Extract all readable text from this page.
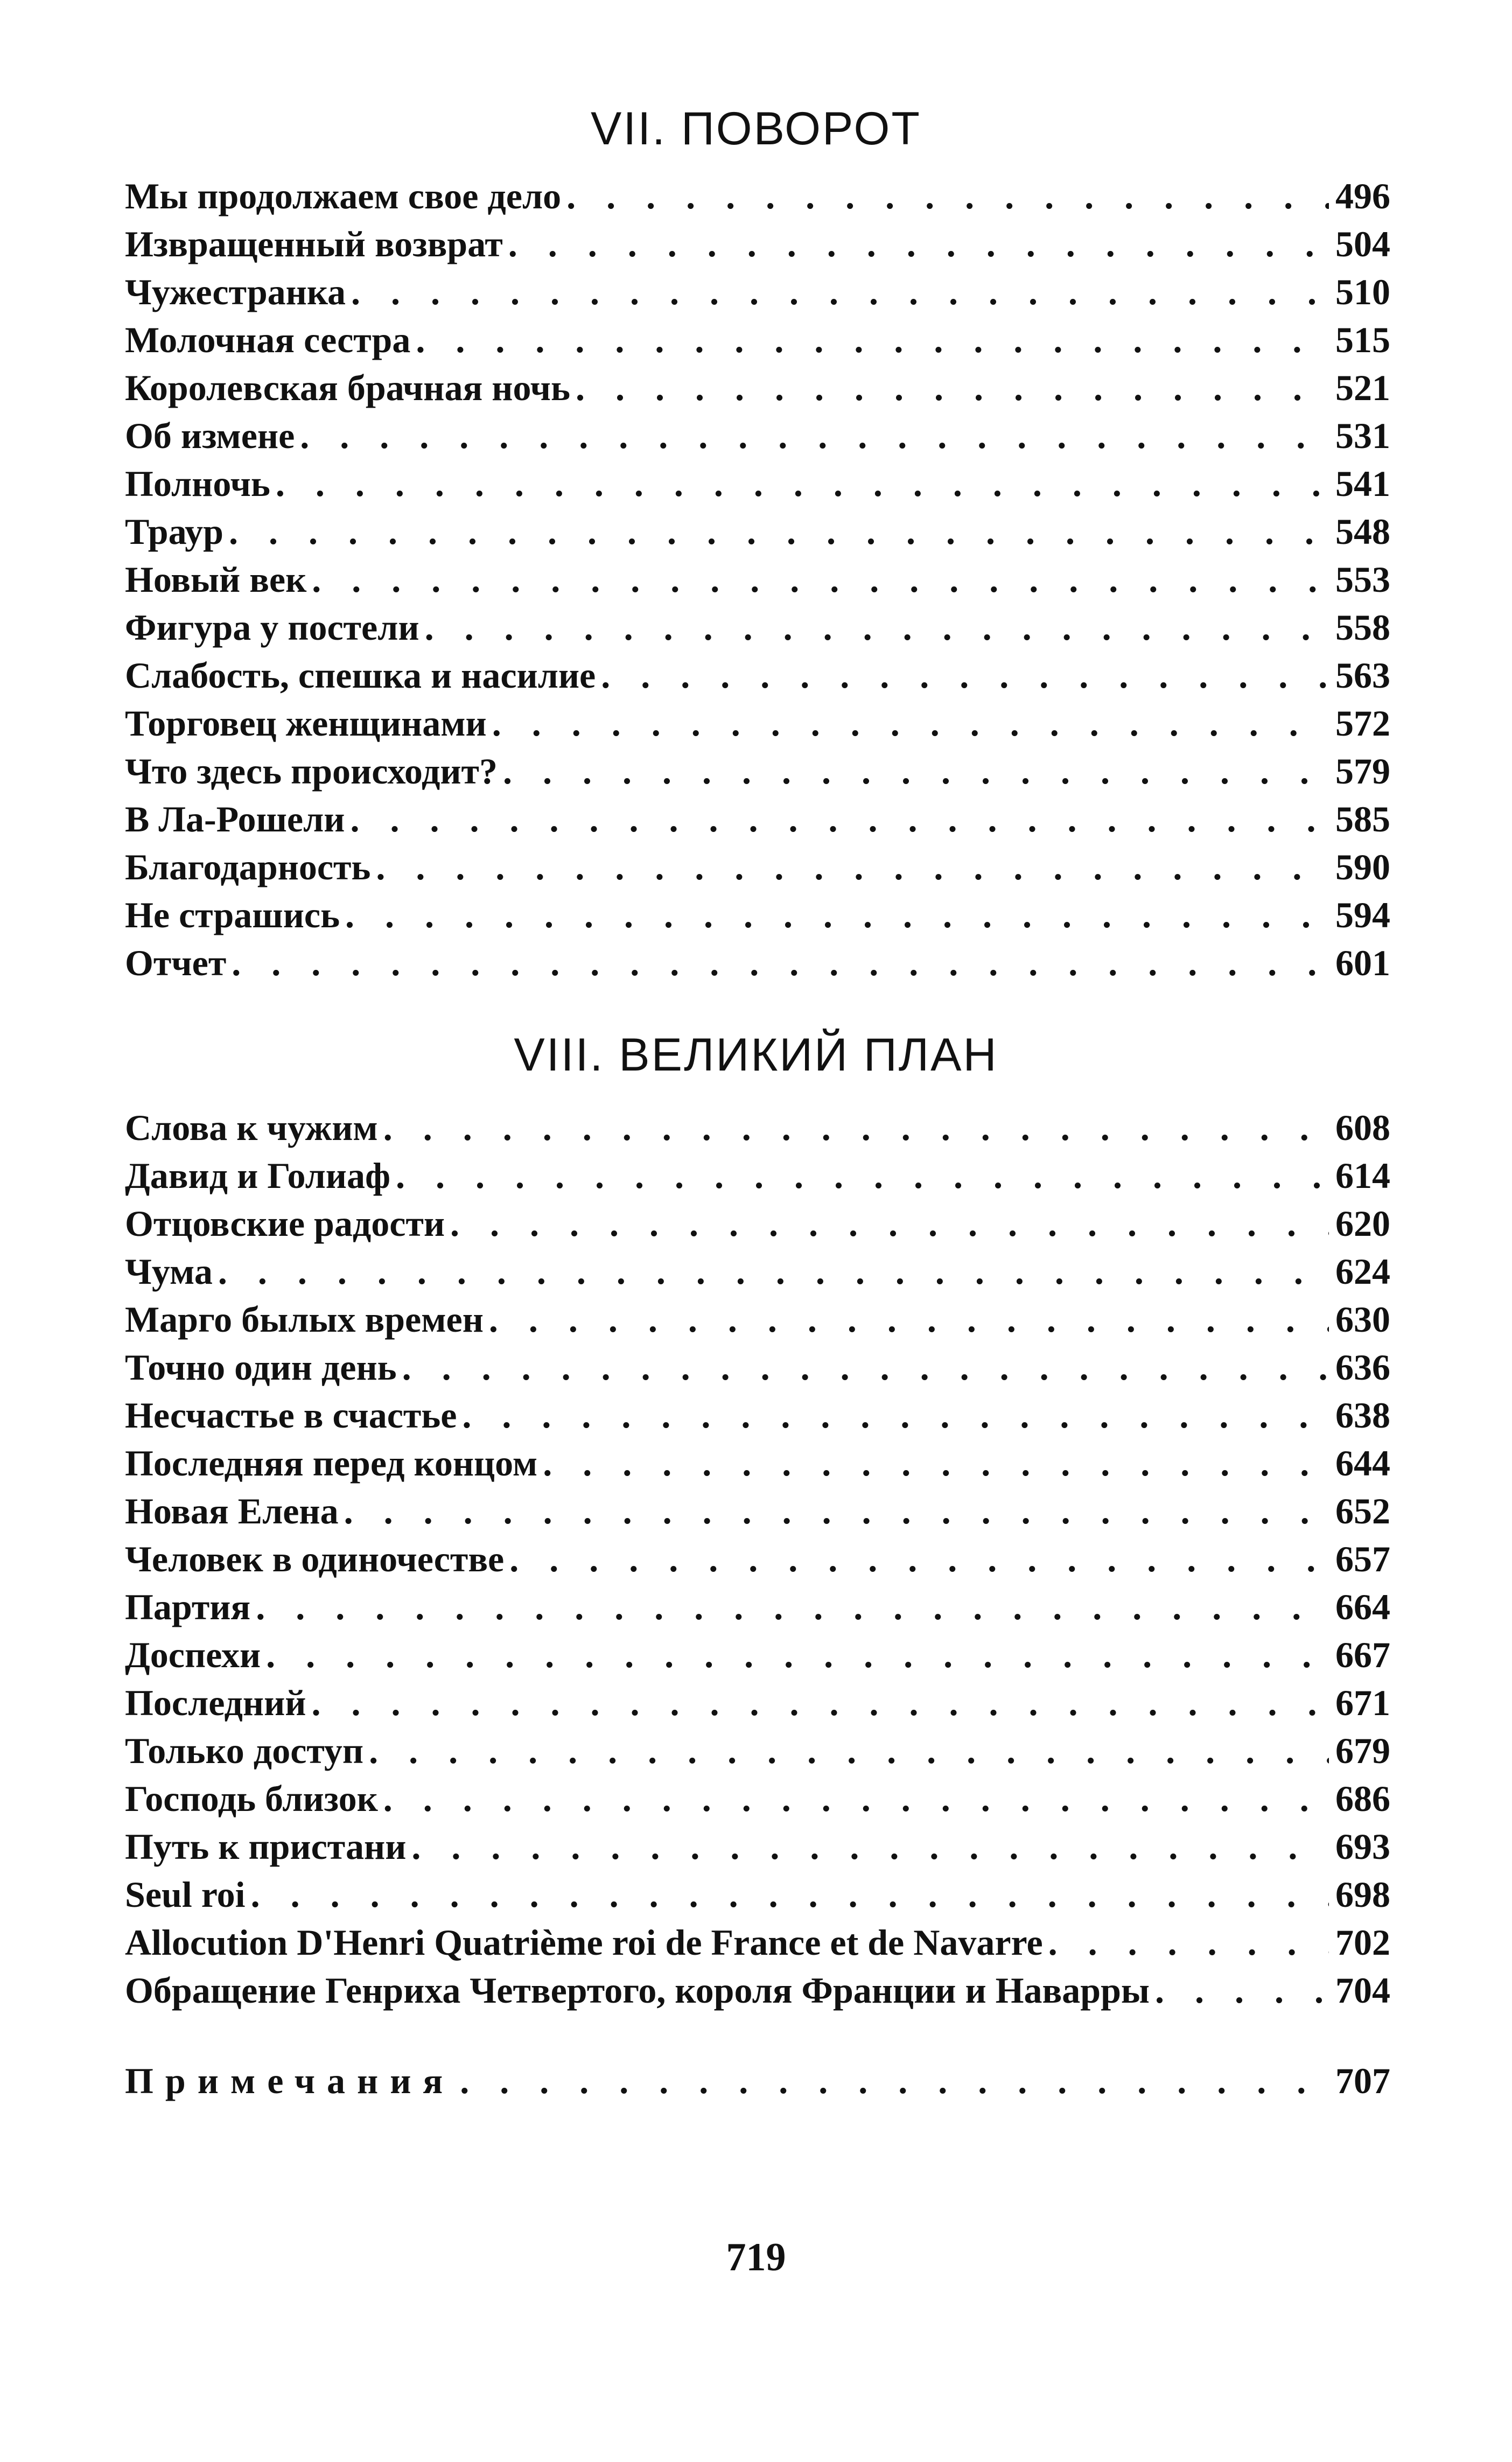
VII. ПОВОРОТ
Мы продолжаем свое дело . . .	496
Извращенный возврат . . .	504
Чужестранка . . .	510
Молочная сестра . . .	515
Королевская брачная ночь . . .	521
Об измене . . .	531
Полночь . . .	541
Траур . . .	548
Новый век . . .	553
Фигура у постели . . .	558
Слабость, спешка и насилие . . .	563
Торговец женщинами . . .	572
Что здесь происходит? . . .	579
В Ла-Рошели . . .	585
Благодарность . . .	590
Не страшись . . .	594
Отчет . . .	601
VIII. ВЕЛИКИЙ ПЛАН
Слова к чужим . . .	608
Давид и Голиаф . . .	614
Отцовские радости . . .	620
Чума . . .	624
Марго былых времен . . .	630
Точно один день . . .	636
Несчастье в счастье . . .	638
Последняя перед концом . . .	644
Новая Елена . . .	652
Человек в одиночестве . . .	657
Партия . . .	664
Доспехи . . .	667
Последний . . .	671
Только доступ . . .	679
Господь близок . . .	686
Путь к пристани . . .	693
Seul roi . . .	698
Allocution D'Henri Quatrième roi de France et de Navarre . . .	702
Обращение Генриха Четвертого, короля Франции и Наварры . . .	704
Примечания . . .	707
719
